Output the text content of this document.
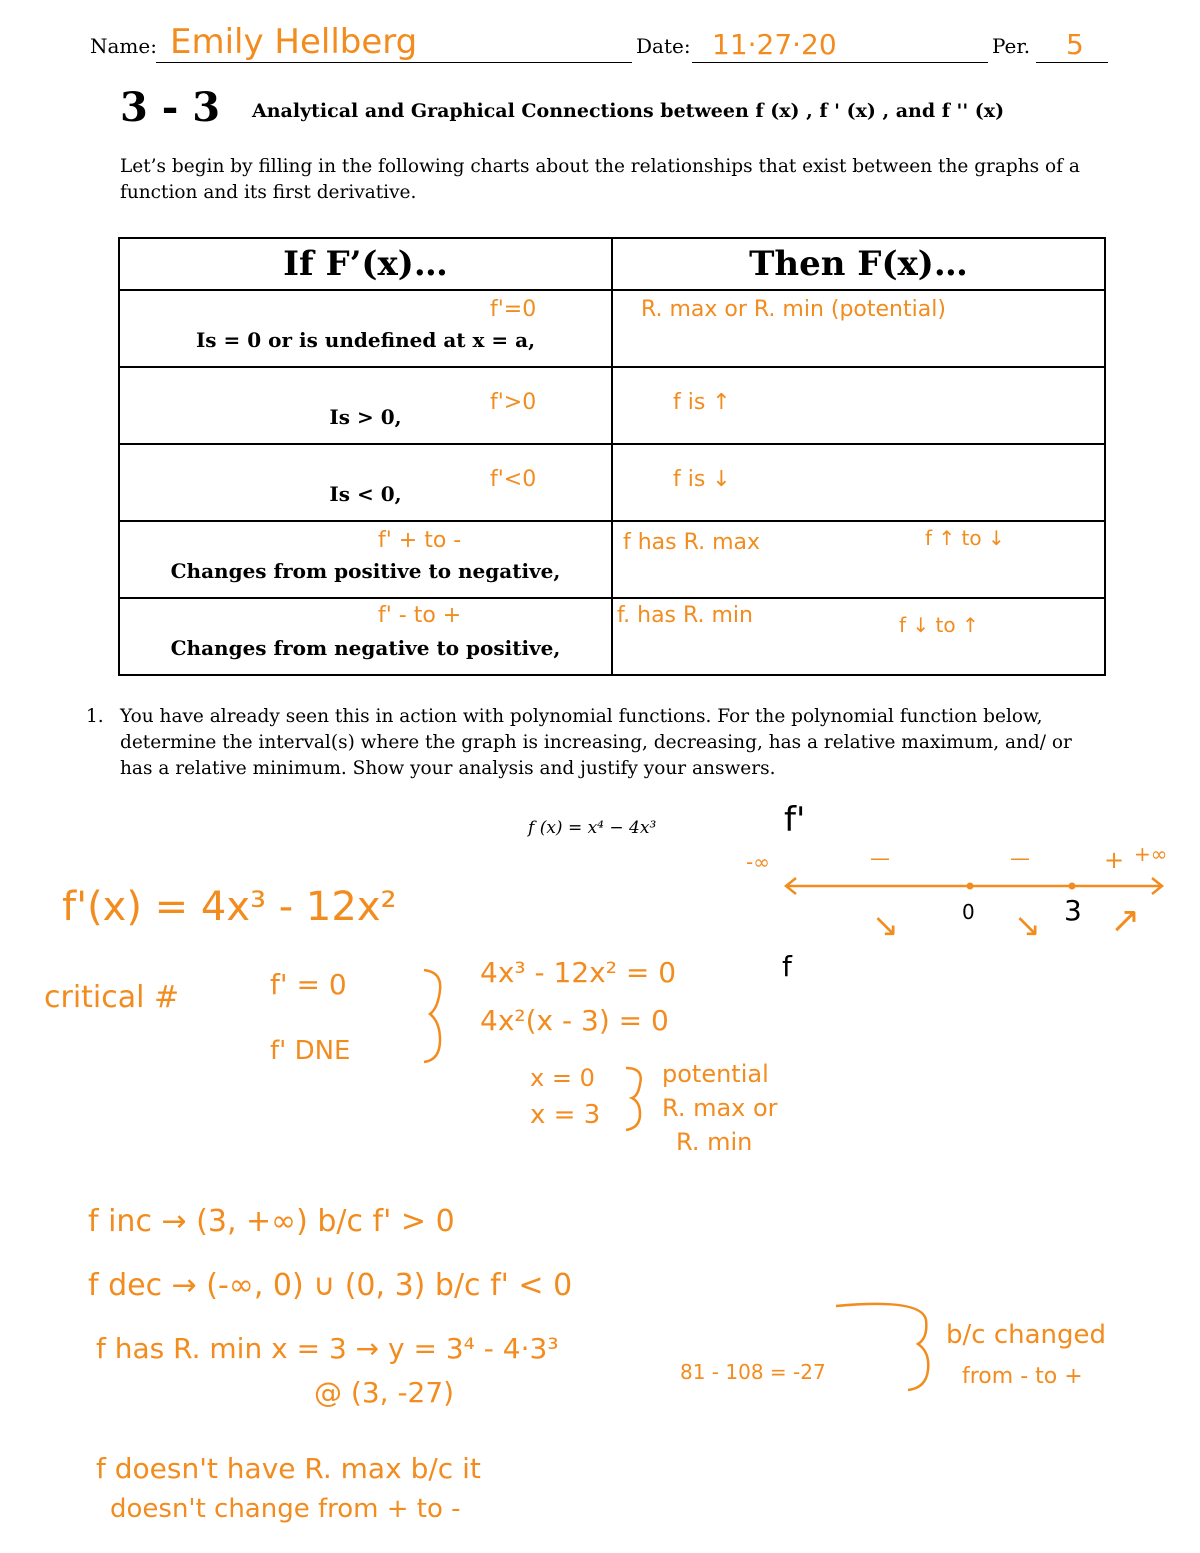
Name: Emily Hellberg	Date: 11·27·20	Per. 5
3 - 3 Analytical and Graphical Connections between f (x) , f ' (x) , and f '' (x)
Let’s begin by filling in the following charts about the relationships that exist between the graphs of a function and its first derivative.
If F’(x)…	Then F(x)…

f'=0
Is = 0 or is undefined at x = a,	R. max or R. min (potential)

f'>0
Is > 0,	f is ↑

f'<0
Is < 0,	f is ↓

f' + to -
Changes from positive to negative,	f has R. max f ↑ to ↓

f' - to +
Changes from negative to positive,	f. has R. min f ↓ to ↑
1. You have already seen this in action with polynomial functions. For the polynomial function below, determine the interval(s) where the graph is increasing, decreasing, has a relative maximum, and/ or has a relative minimum. Show your analysis and justify your answers.
f (x) = x⁴ − 4x³	f'
-∞	+∞
—	—	+
0	3
↘	↘ ↗
f
f'(x) = 4x³ - 12x²
critical #	f' = 0
f' DNE
4x³ - 12x² = 0
4x²(x - 3) = 0
x = 0
x = 3
potential
R. max or
R. min
f inc → (3, +∞) b/c f' > 0
f dec → (-∞, 0) ∪ (0, 3) b/c f' < 0
f has R. min x = 3 → y = 3⁴ - 4·3³
81 - 108 = -27
@ (3, -27)
b/c changed
from - to +
f doesn't have R. max b/c it
doesn't change from + to -
